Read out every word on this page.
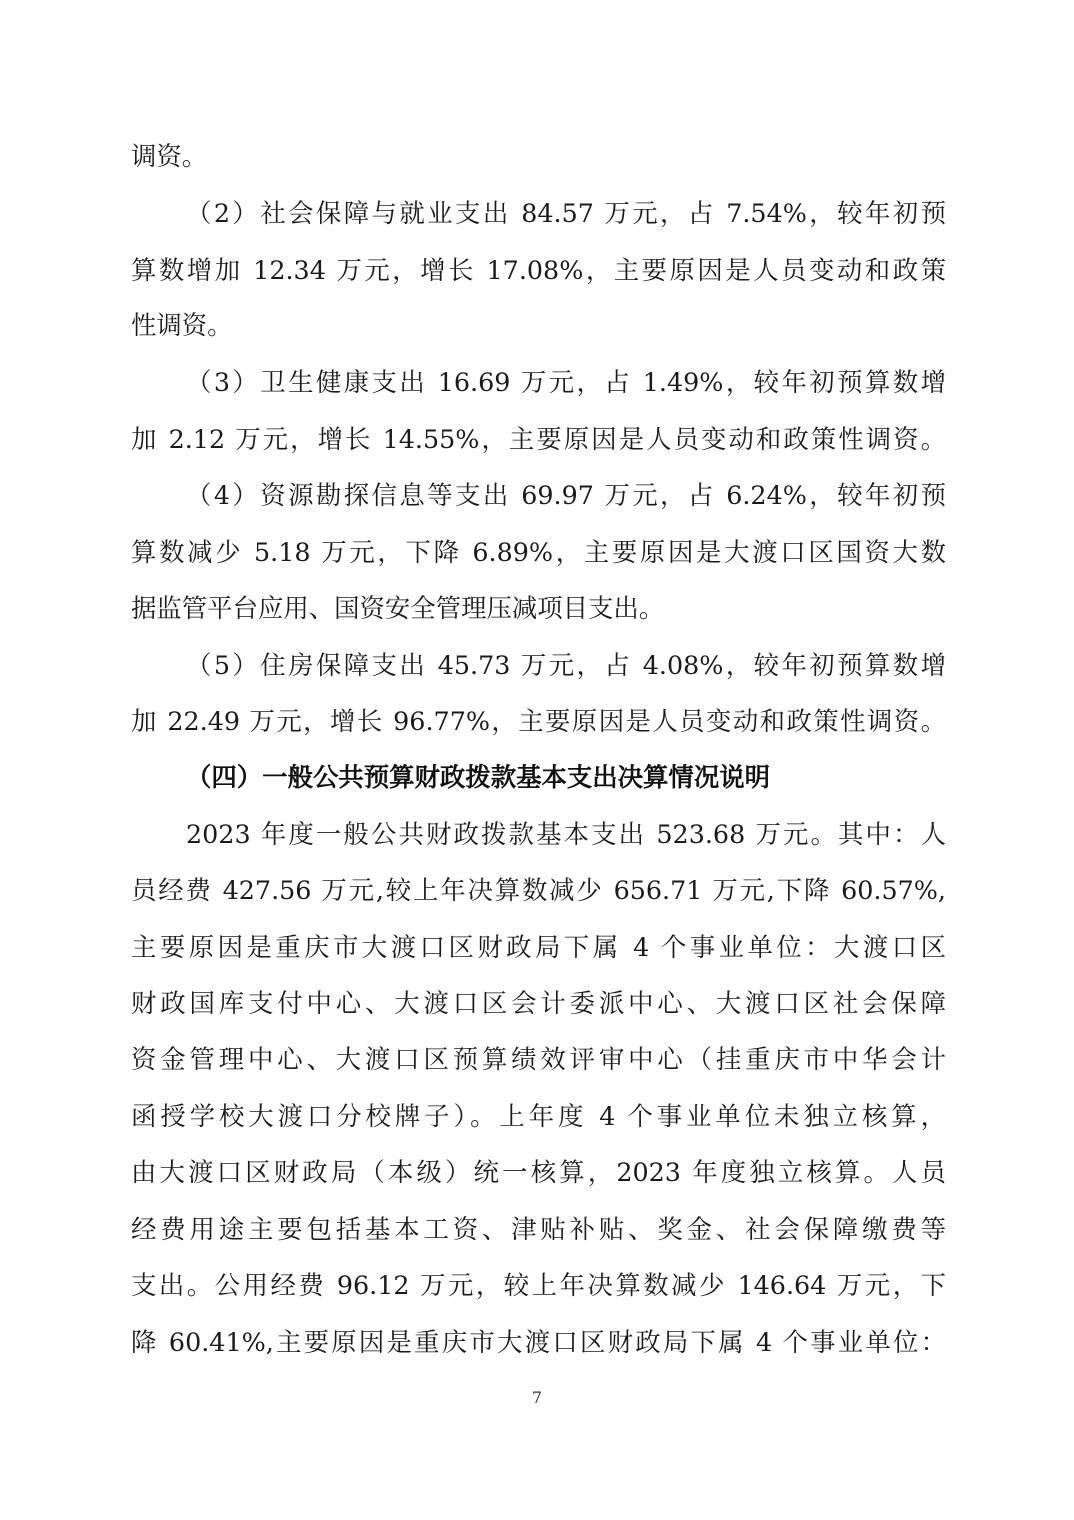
调资。
（2）社会保障与就业支出 84.57 万元，占 7.54%，较年初预
算数增加 12.34 万元，增长 17.08%，主要原因是人员变动和政策
性调资。
（3）卫生健康支出 16.69 万元，占 1.49%，较年初预算数增
加 2.12 万元，增长 14.55%，主要原因是人员变动和政策性调资。
（4）资源勘探信息等支出 69.97 万元，占 6.24%，较年初预
算数减少 5.18 万元，下降 6.89%，主要原因是大渡口区国资大数
据监管平台应用、国资安全管理压减项目支出。
（5）住房保障支出 45.73 万元，占 4.08%，较年初预算数增
加 22.49 万元，增长 96.77%，主要原因是人员变动和政策性调资。
（四）一般公共预算财政拨款基本支出决算情况说明
2023 年度一般公共财政拨款基本支出 523.68 万元。其中：人
员经费 427.56 万元,较上年决算数减少 656.71 万元,下降 60.57%,
主要原因是重庆市大渡口区财政局下属 4 个事业单位：大渡口区
财政国库支付中心、大渡口区会计委派中心、大渡口区社会保障
资金管理中心、大渡口区预算绩效评审中心（挂重庆市中华会计
函授学校大渡口分校牌子）。上年度 4 个事业单位未独立核算，
由大渡口区财政局（本级）统一核算，2023 年度独立核算。人员
经费用途主要包括基本工资、津贴补贴、奖金、社会保障缴费等
支出。公用经费 96.12 万元，较上年决算数减少 146.64 万元，下
降 60.41%,主要原因是重庆市大渡口区财政局下属 4 个事业单位：
7
